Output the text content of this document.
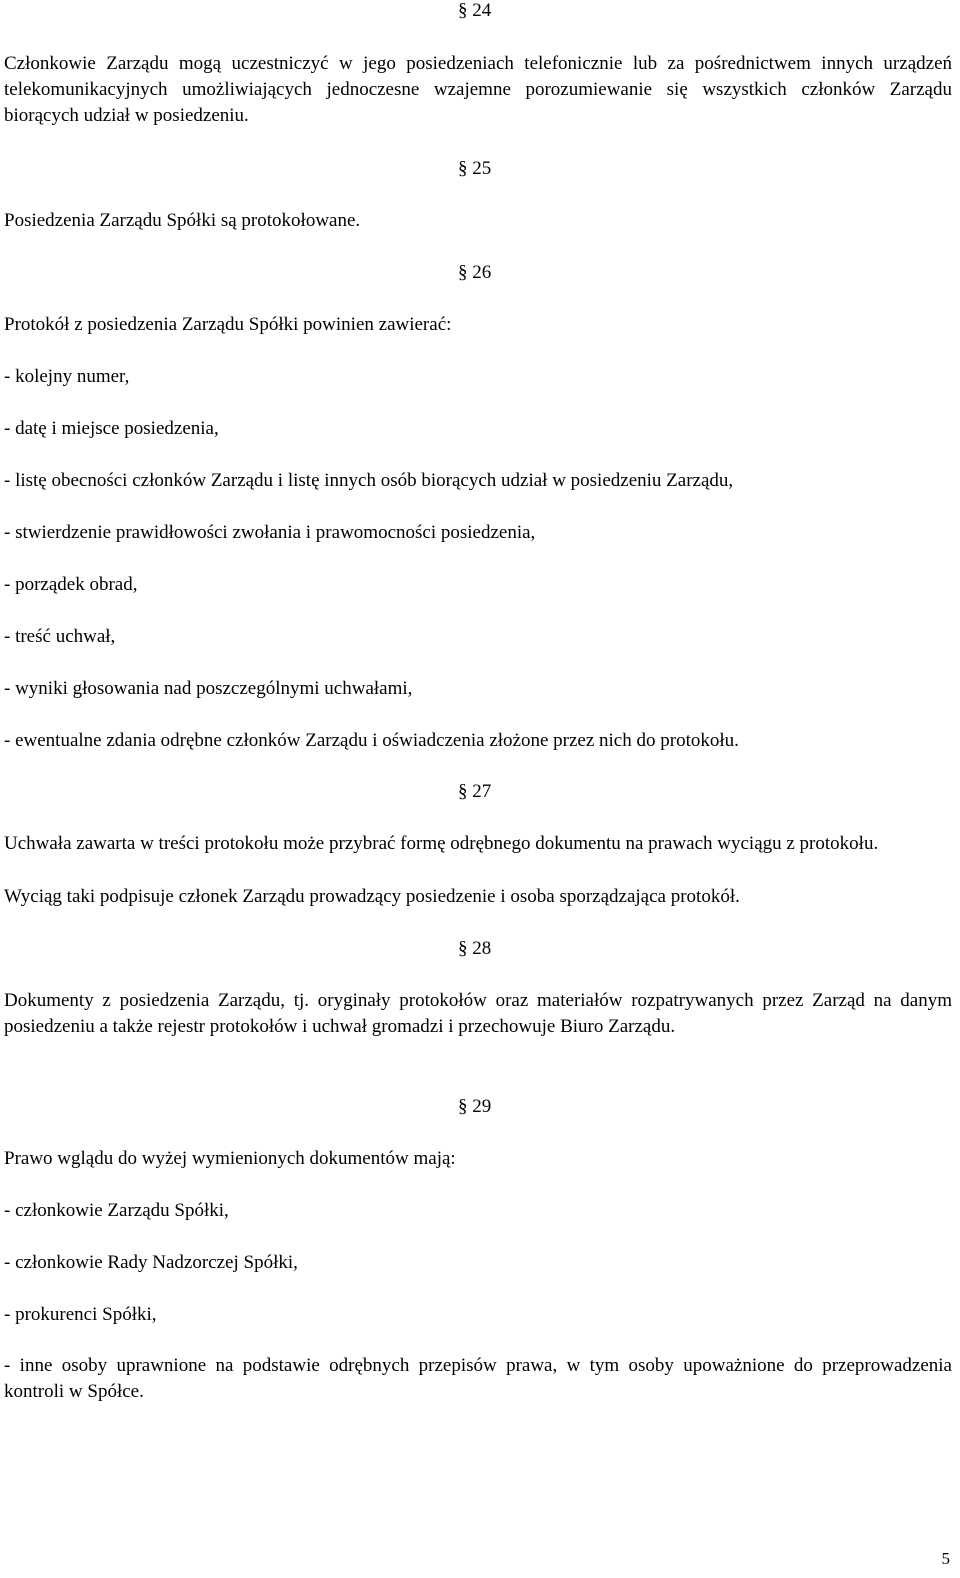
§ 24

Członkowie Zarządu mogą uczestniczyć w jego posiedzeniach telefonicznie lub za pośrednictwem innych urządzeń telekomunikacyjnych umożliwiających jednoczesne wzajemne porozumiewanie się wszystkich członków Zarządu biorących udział w posiedzeniu.

§ 25

Posiedzenia Zarządu Spółki są protokołowane.

§ 26

Protokół z posiedzenia Zarządu Spółki powinien zawierać:

- kolejny numer,

- datę i miejsce posiedzenia,

- listę obecności członków Zarządu i listę innych osób biorących udział w posiedzeniu Zarządu,

- stwierdzenie prawidłowości zwołania i prawomocności posiedzenia,

- porządek obrad,

- treść uchwał,

- wyniki głosowania nad poszczególnymi uchwałami,

- ewentualne zdania odrębne członków Zarządu i oświadczenia złożone przez nich do protokołu.

§ 27

Uchwała zawarta w treści protokołu może przybrać formę odrębnego dokumentu na prawach wyciągu z protokołu.

Wyciąg taki podpisuje członek Zarządu prowadzący posiedzenie i osoba sporządzająca protokół.

§ 28

Dokumenty z posiedzenia Zarządu, tj. oryginały protokołów oraz materiałów rozpatrywanych przez Zarząd na danym posiedzeniu a także rejestr protokołów i uchwał gromadzi i przechowuje Biuro Zarządu.

§ 29

Prawo wglądu do wyżej wymienionych dokumentów mają:

- członkowie Zarządu Spółki,

- członkowie Rady Nadzorczej Spółki,

- prokurenci Spółki,

- inne osoby uprawnione na podstawie odrębnych przepisów prawa, w tym osoby upoważnione do przeprowadzenia kontroli w Spółce.

5
